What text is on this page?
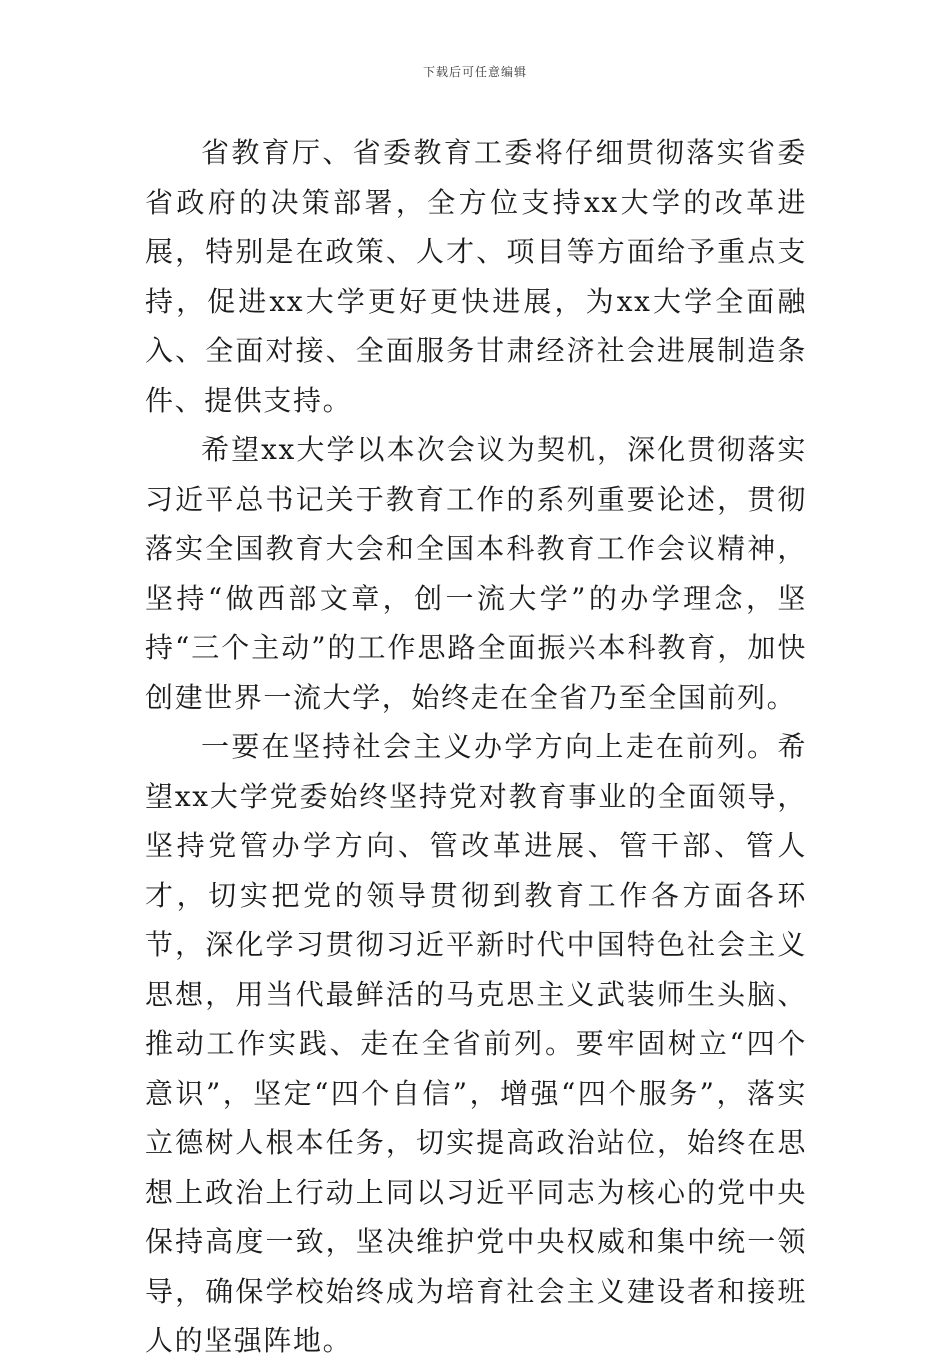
下载后可任意编辑

省教育厅、省委教育工委将仔细贯彻落实省委省政府的决策部署，全方位支持xx大学的改革进展，特别是在政策、人才、项目等方面给予重点支持，促进xx大学更好更快进展，为xx大学全面融入、全面对接、全面服务甘肃经济社会进展制造条件、提供支持。

希望xx大学以本次会议为契机，深化贯彻落实习近平总书记关于教育工作的系列重要论述，贯彻落实全国教育大会和全国本科教育工作会议精神，坚持“做西部文章，创一流大学”的办学理念，坚持“三个主动”的工作思路全面振兴本科教育，加快创建世界一流大学，始终走在全省乃至全国前列。

一要在坚持社会主义办学方向上走在前列。希望xx大学党委始终坚持党对教育事业的全面领导，坚持党管办学方向、管改革进展、管干部、管人才，切实把党的领导贯彻到教育工作各方面各环节，深化学习贯彻习近平新时代中国特色社会主义思想，用当代最鲜活的马克思主义武装师生头脑、推动工作实践、走在全省前列。要牢固树立“四个意识”，坚定“四个自信”，增强“四个服务”，落实立德树人根本任务，切实提高政治站位，始终在思想上政治上行动上同以习近平同志为核心的党中央保持高度一致，坚决维护党中央权威和集中统一领导，确保学校始终成为培育社会主义建设者和接班人的坚强阵地。
